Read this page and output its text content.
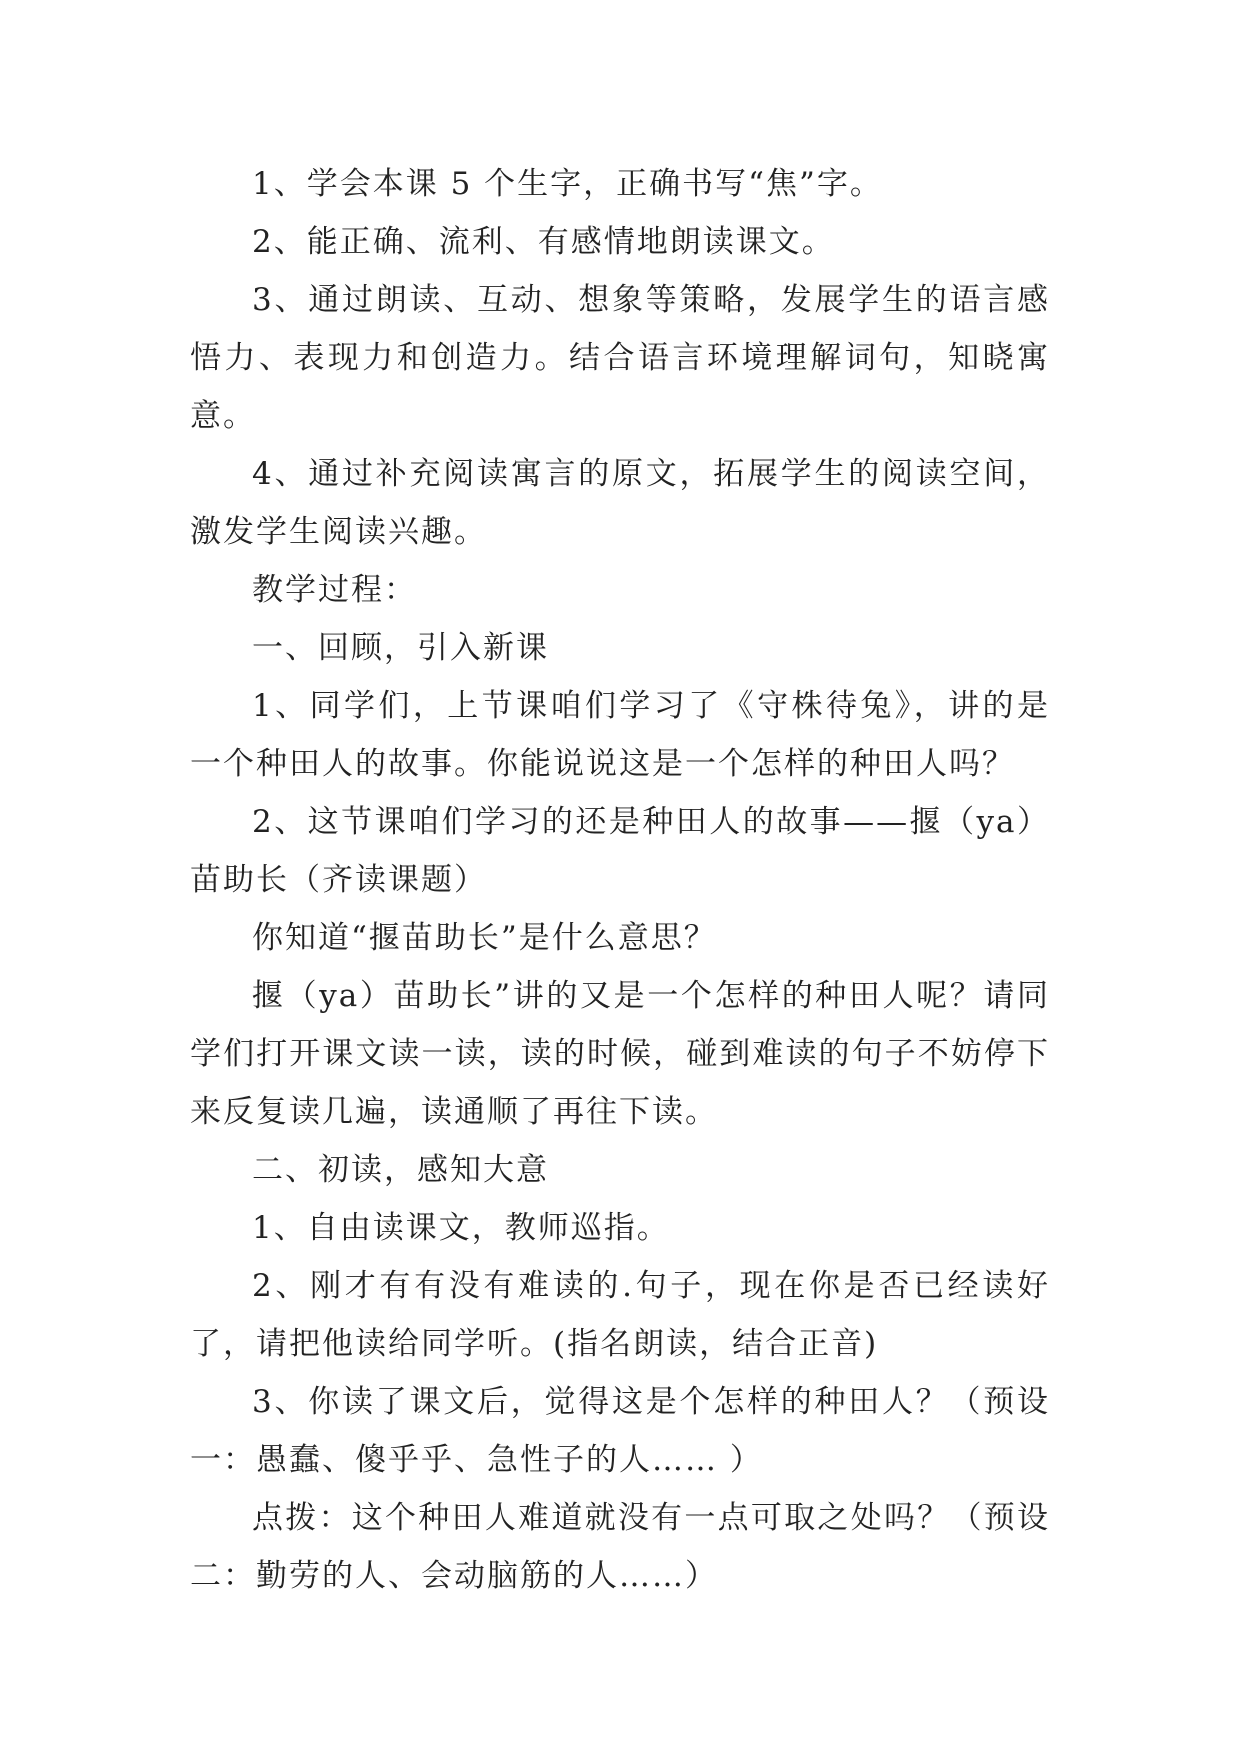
1、学会本课 5 个生字，正确书写“焦”字。

2、能正确、流利、有感情地朗读课文。

3、通过朗读、互动、想象等策略，发展学生的语言感悟力、表现力和创造力。结合语言环境理解词句，知晓寓意。

4、通过补充阅读寓言的原文，拓展学生的阅读空间，激发学生阅读兴趣。

教学过程：

一、回顾，引入新课

1、同学们，上节课咱们学习了《守株待兔》，讲的是一个种田人的故事。你能说说这是一个怎样的种田人吗？

2、这节课咱们学习的还是种田人的故事——揠（ya）苗助长（齐读课题）

你知道“揠苗助长”是什么意思？

揠（ya）苗助长”讲的又是一个怎样的种田人呢？请同学们打开课文读一读，读的时候，碰到难读的句子不妨停下来反复读几遍，读通顺了再往下读。

二、初读，感知大意

1、自由读课文，教师巡指。

2、刚才有有没有难读的.句子，现在你是否已经读好了，请把他读给同学听。(指名朗读，结合正音)

3、你读了课文后，觉得这是个怎样的种田人？（预设一：愚蠢、傻乎乎、急性子的人…… ）

点拨：这个种田人难道就没有一点可取之处吗？（预设二：勤劳的人、会动脑筋的人……）
